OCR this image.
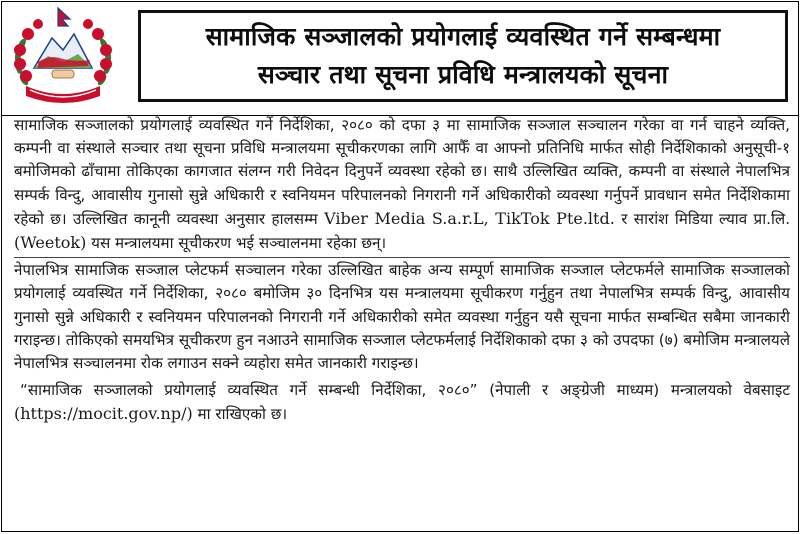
सामाजिक सञ्जालको प्रयोगलाई व्यवस्थित गर्ने सम्बन्धमा
सञ्चार तथा सूचना प्रविधि मन्त्रालयको सूचना

सामाजिक सञ्जालको प्रयोगलाई व्यवस्थित गर्ने निर्देशिका, २०८० को दफा ३ मा सामाजिक सञ्जाल सञ्चालन गरेका वा गर्न चाहने व्यक्ति, कम्पनी वा संस्थाले सञ्चार तथा सूचना प्रविधि मन्त्रालयमा सूचीकरणका लागि आफैँ वा आफ्नो प्रतिनिधि मार्फत सोही निर्देशिकाको अनुसूची-१ बमोजिमको ढाँचामा तोकिएका कागजात संलग्न गरी निवेदन दिनुपर्ने व्यवस्था रहेको छ। साथै उल्लिखित व्यक्ति, कम्पनी वा संस्थाले नेपालभित्र सम्पर्क विन्दु, आवासीय गुनासो सुन्ने अधिकारी र स्वनियमन परिपालनको निगरानी गर्ने अधिकारीको व्यवस्था गर्नुपर्ने प्रावधान समेत निर्देशिकामा रहेको छ। उल्लिखित कानूनी व्यवस्था अनुसार हालसम्म Viber Media S.a.r.L, TikTok Pte.ltd. र सारांश मिडिया ल्याव प्रा.लि. (Weetok) यस मन्त्रालयमा सूचीकरण भई सञ्चालनमा रहेका छन्।

नेपालभित्र सामाजिक सञ्जाल प्लेटफर्म सञ्चालन गरेका उल्लिखित बाहेक अन्य सम्पूर्ण सामाजिक सञ्जाल प्लेटफर्मले सामाजिक सञ्जालको प्रयोगलाई व्यवस्थित गर्ने निर्देशिका, २०८० बमोजिम ३० दिनभित्र यस मन्त्रालयमा सूचीकरण गर्नुहुन तथा नेपालभित्र सम्पर्क विन्दु, आवासीय गुनासो सुन्ने अधिकारी र स्वनियमन परिपालनको निगरानी गर्ने अधिकारीको समेत व्यवस्था गर्नुहुन यसै सूचना मार्फत सम्बन्धित सबैमा जानकारी गराइन्छ। तोकिएको समयभित्र सूचीकरण हुन नआउने सामाजिक सञ्जाल प्लेटफर्मलाई निर्देशिकाको दफा ३ को उपदफा (७) बमोजिम मन्त्रालयले नेपालभित्र सञ्चालनमा रोक लगाउन सक्ने व्यहोरा समेत जानकारी गराइन्छ।

“सामाजिक सञ्जालको प्रयोगलाई व्यवस्थित गर्ने सम्बन्धी निर्देशिका, २०८०” (नेपाली र अङ्ग्रेजी माध्यम) मन्त्रालयको वेबसाइट (https://mocit.gov.np/) मा राखिएको छ।
